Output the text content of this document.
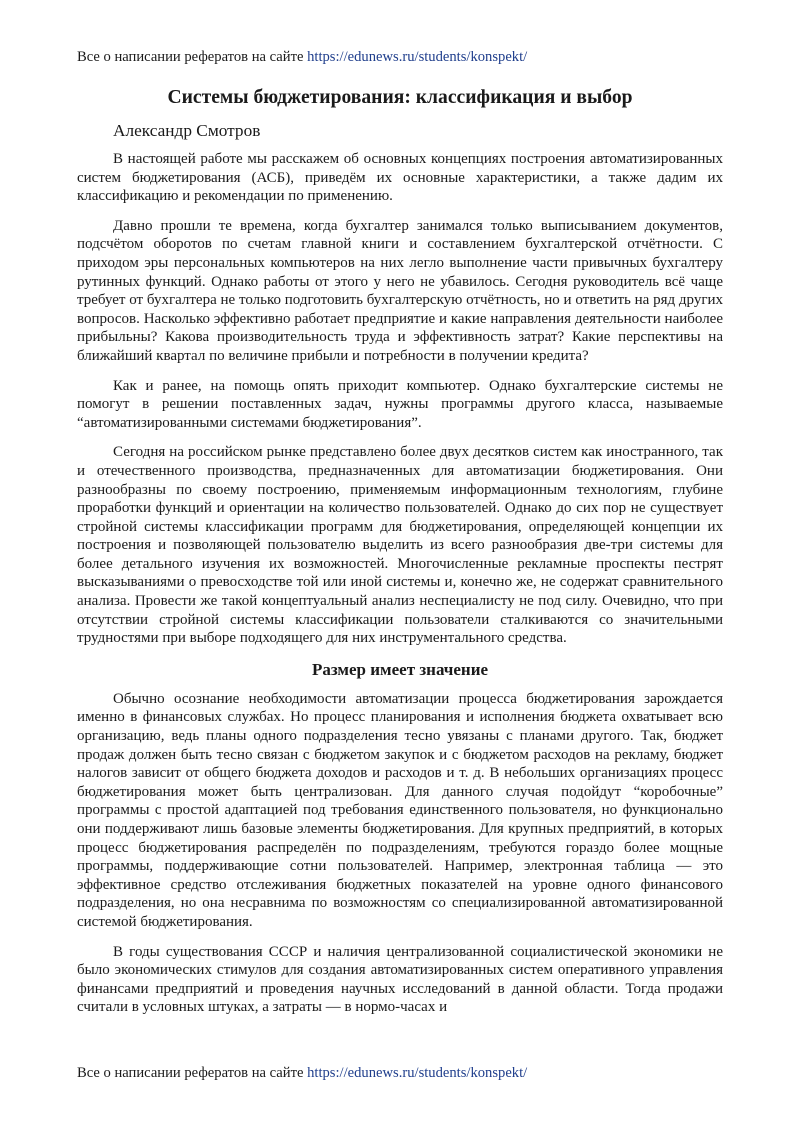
Все о написании рефератов на сайте https://edunews.ru/students/konspekt/
Системы бюджетирования: классификация и выбор
Александр Смотров

В настоящей работе мы расскажем об основных концепциях построения автоматизированных систем бюджетирования (АСБ), приведём их основные характеристики, а также дадим их классификацию и рекомендации по применению.

Давно прошли те времена, когда бухгалтер занимался только выписыванием документов, подсчётом оборотов по счетам главной книги и составлением бухгалтерской отчётности. С приходом эры персональных компьютеров на них легло выполнение части привычных бухгалтеру рутинных функций. Однако работы от этого у него не убавилось. Сегодня руководитель всё чаще требует от бухгалтера не только подготовить бухгалтерскую отчётность, но и ответить на ряд других вопросов. Насколько эффективно работает предприятие и какие направления деятельности наиболее прибыльны? Какова производительность труда и эффективность затрат? Какие перспективы на ближайший квартал по величине прибыли и потребности в получении кредита?

Как и ранее, на помощь опять приходит компьютер. Однако бухгалтерские системы не помогут в решении поставленных задач, нужны программы другого класса, называемые “автоматизированными системами бюджетирования”.

Сегодня на российском рынке представлено более двух десятков систем как иностранного, так и отечественного производства, предназначенных для автоматизации бюджетирования. Они разнообразны по своему построению, применяемым информационным технологиям, глубине проработки функций и ориентации на количество пользователей. Однако до сих пор не существует стройной системы классификации программ для бюджетирования, определяющей концепции их построения и позволяющей пользователю выделить из всего разнообразия две-три системы для более детального изучения их возможностей. Многочисленные рекламные проспекты пестрят высказываниями о превосходстве той или иной системы и, конечно же, не содержат сравнительного анализа. Провести же такой концептуальный анализ неспециалисту не под силу. Очевидно, что при отсутствии стройной системы классификации пользователи сталкиваются со значительными трудностями при выборе подходящего для них инструментального средства.

Размер имеет значение

Обычно осознание необходимости автоматизации процесса бюджетирования зарождается именно в финансовых службах. Но процесс планирования и исполнения бюджета охватывает всю организацию, ведь планы одного подразделения тесно увязаны с планами другого. Так, бюджет продаж должен быть тесно связан с бюджетом закупок и с бюджетом расходов на рекламу, бюджет налогов зависит от общего бюджета доходов и расходов и т. д. В небольших организациях процесс бюджетирования может быть централизован. Для данного случая подойдут “коробочные” программы с простой адаптацией под требования единственного пользователя, но функционально они поддерживают лишь базовые элементы бюджетирования. Для крупных предприятий, в которых процесс бюджетирования распределён по подразделениям, требуются гораздо более мощные программы, поддерживающие сотни пользователей. Например, электронная таблица — это эффективное средство отслеживания бюджетных показателей на уровне одного финансового подразделения, но она несравнима по возможностям со специализированной автоматизированной системой бюджетирования.

В годы существования СССР и наличия централизованной социалистической экономики не было экономических стимулов для создания автоматизированных систем оперативного управления финансами предприятий и проведения научных исследований в данной области. Тогда продажи считали в условных штуках, а затраты — в нормо-часах и

Все о написании рефератов на сайте https://edunews.ru/students/konspekt/
